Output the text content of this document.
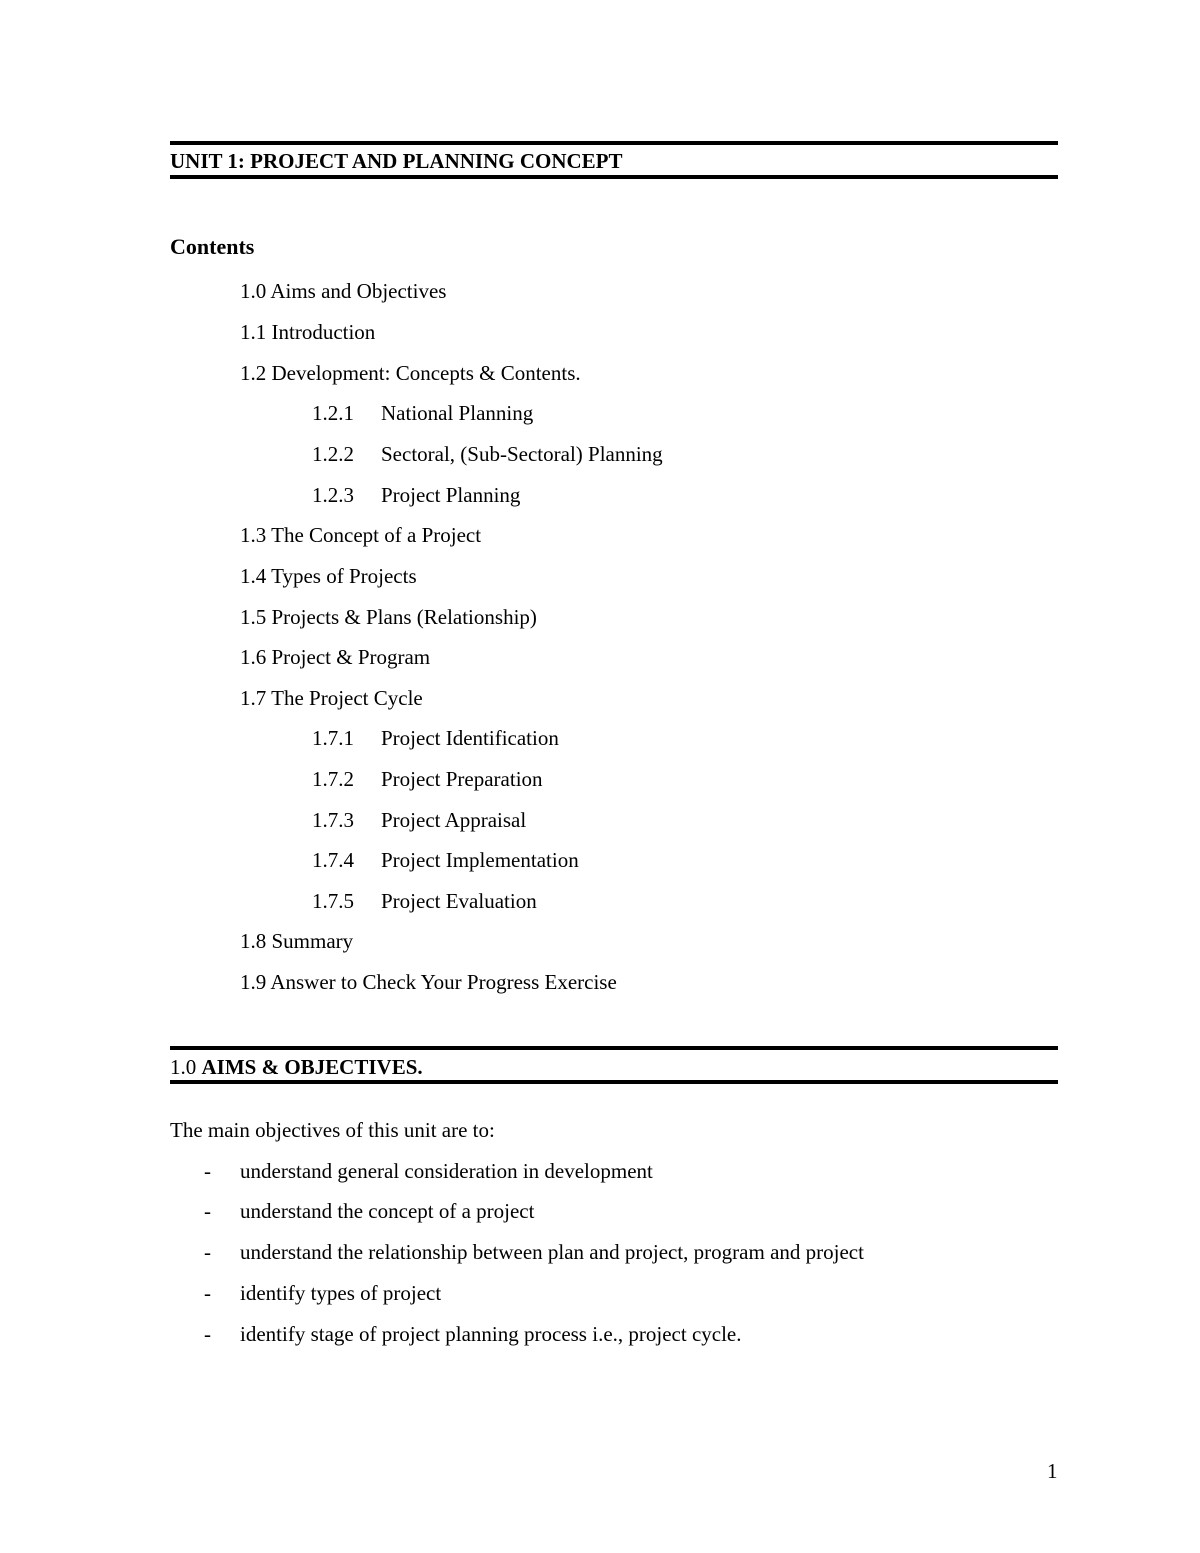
UNIT 1: PROJECT AND PLANNING CONCEPT
Contents
1.0 Aims and Objectives
1.1 Introduction
1.2 Development: Concepts & Contents.
1.2.1 National Planning
1.2.2 Sectoral, (Sub-Sectoral) Planning
1.2.3 Project Planning
1.3 The Concept of a Project
1.4 Types of Projects
1.5 Projects & Plans (Relationship)
1.6 Project & Program
1.7 The Project Cycle
1.7.1 Project Identification
1.7.2 Project Preparation
1.7.3 Project Appraisal
1.7.4 Project Implementation
1.7.5 Project Evaluation
1.8 Summary
1.9 Answer to Check Your Progress Exercise
1.0 AIMS & OBJECTIVES.
The main objectives of this unit are to:
- understand general consideration in development
- understand the concept of a project
- understand the relationship between plan and project, program and project
- identify types of project
- identify stage of project planning process i.e., project cycle.
1
